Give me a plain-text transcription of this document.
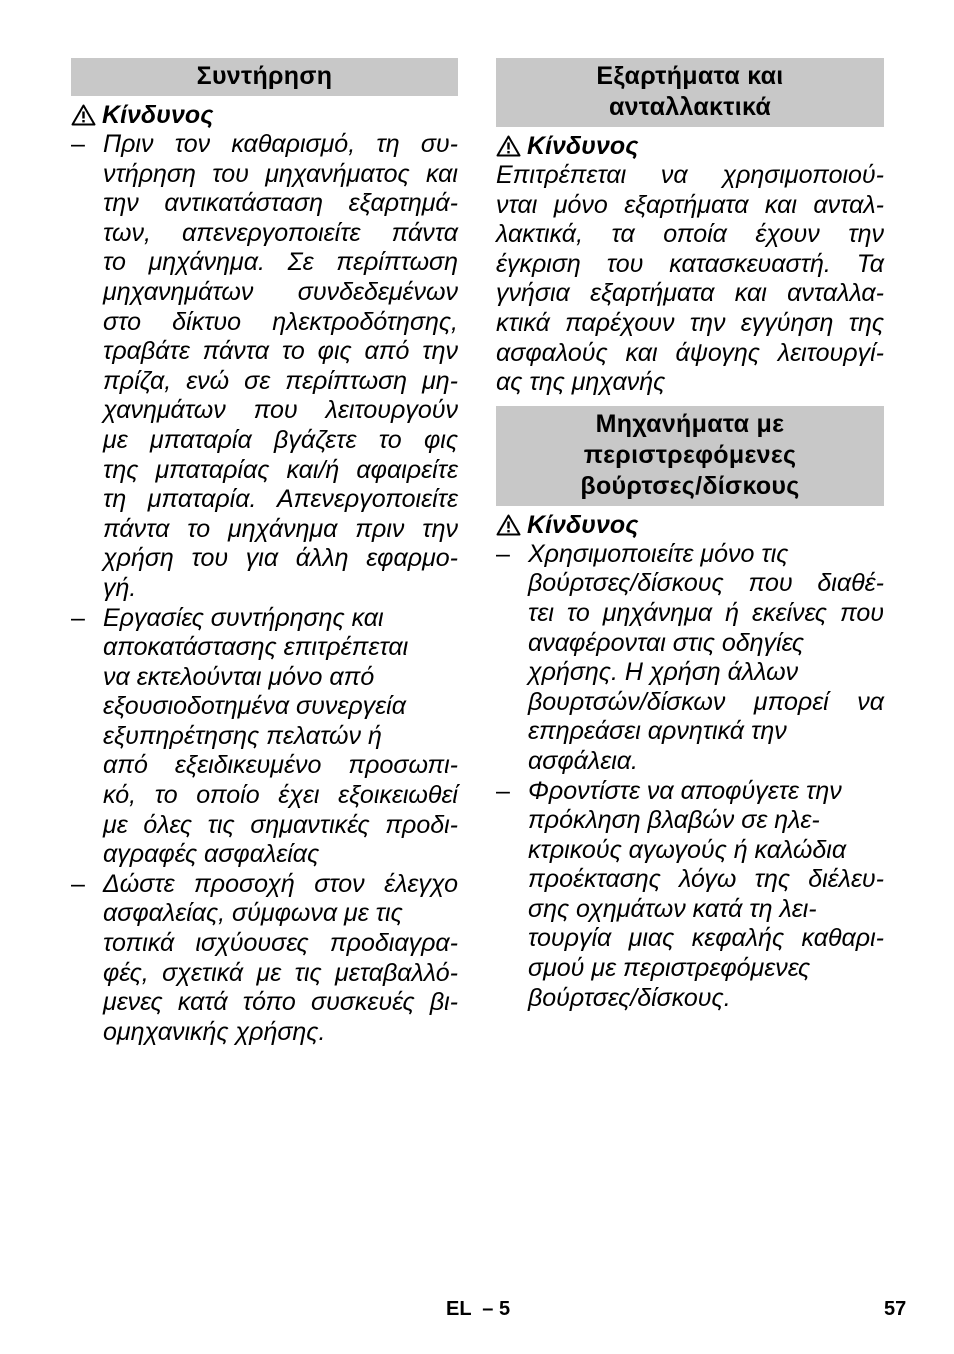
Συντήρηση
Κίνδυνος
– Πριν τον καθαρισμό, τη συ-
ντήρηση του μηχανήματος και
την αντικατάσταση εξαρτημά-
των, απενεργοποιείτε πάντα
το μηχάνημα. Σε περίπτωση
μηχανημάτων συνδεδεμένων
στο δίκτυο ηλεκτροδότησης,
τραβάτε πάντα το φις από την
πρίζα, ενώ σε περίπτωση μη-
χανημάτων που λειτουργούν
με μπαταρία βγάζετε το φις
της μπαταρίας και/ή αφαιρείτε
τη μπαταρία. Απενεργοποιείτε
πάντα το μηχάνημα πριν την
χρήση του για άλλη εφαρμο-
γή.
– Εργασίες συντήρησης και
αποκατάστασης επιτρέπεται
να εκτελούνται μόνο από
εξουσιοδοτημένα συνεργεία
εξυπηρέτησης πελατών ή
από εξειδικευμένο προσωπι-
κό, το οποίο έχει εξοικειωθεί
με όλες τις σημαντικές προδι-
αγραφές ασφαλείας
– Δώστε προσοχή στον έλεγχο
ασφαλείας, σύμφωνα με τις
τοπικά ισχύουσες προδιαγρα-
φές, σχετικά με τις μεταβαλλό-
μενες κατά τόπο συσκευές βι-
ομηχανικής χρήσης.
Εξαρτήματα και
ανταλλακτικά
Κίνδυνος
Επιτρέπεται να χρησιμοποιού-
νται μόνο εξαρτήματα και ανταλ-
λακτικά, τα οποία έχουν την
έγκριση του κατασκευαστή. Τα
γνήσια εξαρτήματα και ανταλλα-
κτικά παρέχουν την εγγύηση της
ασφαλούς και άψογης λειτουργί-
ας της μηχανής
Μηχανήματα με
περιστρεφόμενες
βούρτσες/δίσκους
Κίνδυνος
– Χρησιμοποιείτε μόνο τις
βούρτσες/δίσκους που διαθέ-
τει το μηχάνημα ή εκείνες που
αναφέρονται στις οδηγίες
χρήσης. Η χρήση άλλων
βουρτσών/δίσκων μπορεί να
επηρεάσει αρνητικά την
ασφάλεια.
– Φροντίστε να αποφύγετε την
πρόκληση βλαβών σε ηλε-
κτρικούς αγωγούς ή καλώδια
προέκτασης λόγω της διέλευ-
σης οχημάτων κατά τη λει-
τουργία μιας κεφαλής καθαρι-
σμού με περιστρεφόμενες
βούρτσες/δίσκους.
EL  – 5	57
